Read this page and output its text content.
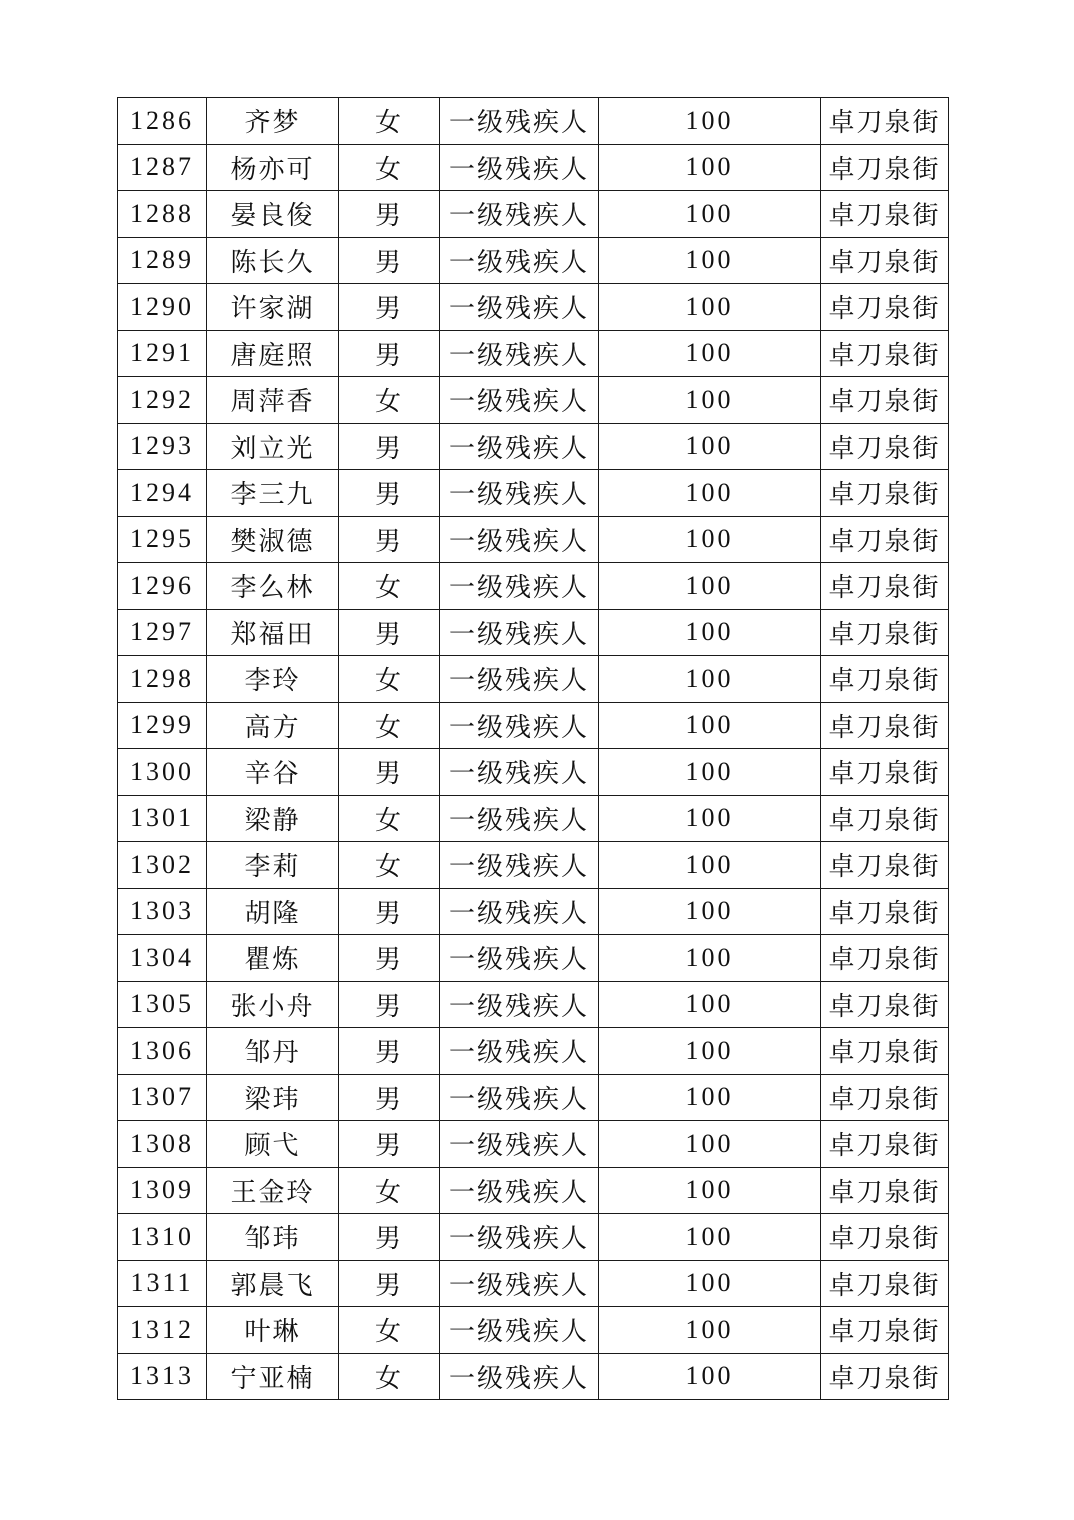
1286	齐梦	女	一级残疾人	100	卓刀泉街
1287	杨亦可	女	一级残疾人	100	卓刀泉街
1288	晏良俊	男	一级残疾人	100	卓刀泉街
1289	陈长久	男	一级残疾人	100	卓刀泉街
1290	许家湖	男	一级残疾人	100	卓刀泉街
1291	唐庭照	男	一级残疾人	100	卓刀泉街
1292	周萍香	女	一级残疾人	100	卓刀泉街
1293	刘立光	男	一级残疾人	100	卓刀泉街
1294	李三九	男	一级残疾人	100	卓刀泉街
1295	樊淑德	男	一级残疾人	100	卓刀泉街
1296	李么林	女	一级残疾人	100	卓刀泉街
1297	郑福田	男	一级残疾人	100	卓刀泉街
1298	李玲	女	一级残疾人	100	卓刀泉街
1299	高方	女	一级残疾人	100	卓刀泉街
1300	辛谷	男	一级残疾人	100	卓刀泉街
1301	梁静	女	一级残疾人	100	卓刀泉街
1302	李莉	女	一级残疾人	100	卓刀泉街
1303	胡隆	男	一级残疾人	100	卓刀泉街
1304	瞿炼	男	一级残疾人	100	卓刀泉街
1305	张小舟	男	一级残疾人	100	卓刀泉街
1306	邹丹	男	一级残疾人	100	卓刀泉街
1307	梁玮	男	一级残疾人	100	卓刀泉街
1308	顾弋	男	一级残疾人	100	卓刀泉街
1309	王金玲	女	一级残疾人	100	卓刀泉街
1310	邹玮	男	一级残疾人	100	卓刀泉街
1311	郭晨飞	男	一级残疾人	100	卓刀泉街
1312	叶琳	女	一级残疾人	100	卓刀泉街
1313	宁亚楠	女	一级残疾人	100	卓刀泉街
